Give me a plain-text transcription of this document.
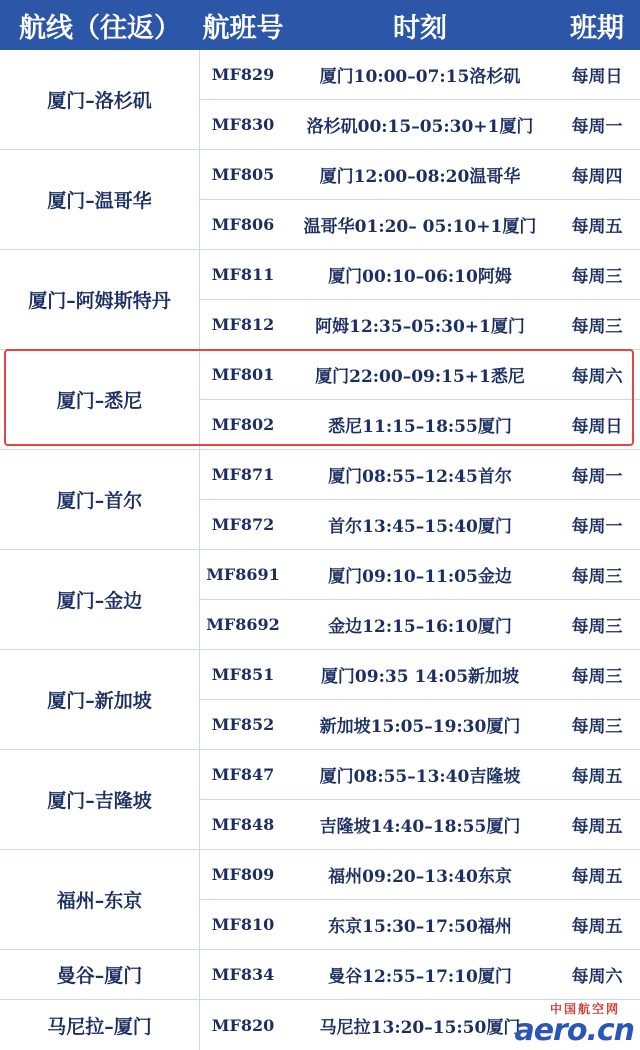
航线（往返） 航班号	时刻	班期
厦门–洛杉矶
MF829	厦门10:00–07:15洛杉矶	每周日
MF830	洛杉矶00:15–05:30+1厦门	每周一
厦门–温哥华
MF805	厦门12:00–08:20温哥华	每周四
MF806	温哥华01:20– 05:10+1厦门	每周五
厦门–阿姆斯特丹
MF811	厦门00:10–06:10阿姆	每周三
MF812	阿姆12:35–05:30+1厦门	每周三
厦门–悉尼
MF801	厦门22:00–09:15+1悉尼	每周六
MF802	悉尼11:15–18:55厦门	每周日
厦门–首尔
MF871	厦门08:55–12:45首尔	每周一
MF872	首尔13:45–15:40厦门	每周一
厦门–金边
MF8691	厦门09:10–11:05金边	每周三
MF8692	金边12:15–16:10厦门	每周三
厦门–新加坡
MF851	厦门09:35 14:05新加坡	每周三
MF852	新加坡15:05–19:30厦门	每周三
厦门–吉隆坡
MF847	厦门08:55–13:40吉隆坡	每周五
MF848	吉隆坡14:40–18:55厦门	每周五
福州–东京
MF809	福州09:20–13:40东京	每周五
MF810	东京15:30–17:50福州	每周五
曼谷–厦门	MF834	曼谷12:55–17:10厦门	每周六
马尼拉–厦门	MF820	马尼拉13:20–15:50厦门
中国航空网
aero.cn
